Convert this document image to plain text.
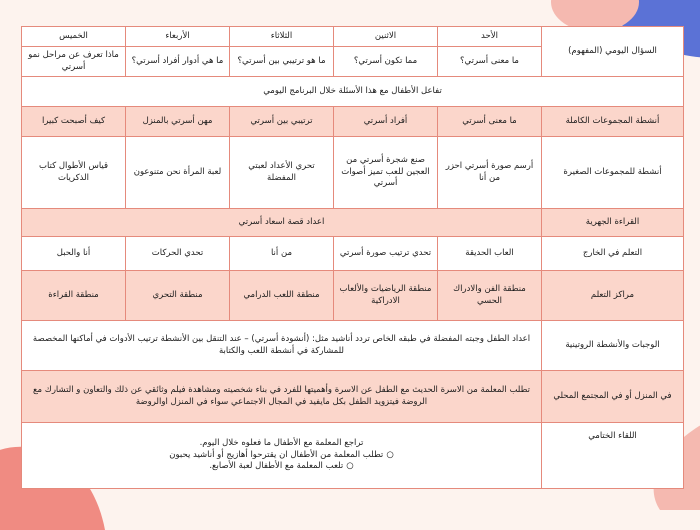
السؤال اليومي (المفهوم)	الأحد	الاثنين	الثلاثاء	الأربعاء	الخميس
	ما معنى أسرتي؟	مما تكون أسرتي؟	ما هو ترتيبي بين أسرتي؟	ما هي أدوار أفراد أسرتي؟	ماذا تعرف عن مراحل نمو أسرتي
تفاعل الأطفال مع هذا الأسئلة خلال البرنامج اليومي					
أنشطة المجموعات الكاملة	ما معنى أسرتي	أفراد أسرتي	ترتيبي بين أسرتي	مهن أسرتي بالمنزل	كيف أصبحت كبيرا
أنشطة للمجموعات الصغيرة	أرسم صورة أسرتي احزر من أنا	صنع شجرة أسرتي من العجين للعب تميز أصوات أسرتي	تحري الأعداد لعبتي المفضلة	لعبة المرأة نحن متنوعون	قياس الأطوال كتاب الذكريات
القراءة الجهرية	اعداد قصة اسعاد أسرتي				
التعلم في الخارج	العاب الحديقة	تحدي ترتيب صورة أسرتي	من أنا	تحدي الحركات	أنا والحبل
مراكز التعلم	منطقة الفن والادراك الحسي	منطقة الرياضيات والألعاب الادراكية	منطقة اللعب الدرامي	منطقة التحري	منطقة القراءة
الوجبات والأنشطة الروتينية	اعداد الطفل وجبته المفضلة في طبقه الخاص تردد أناشيد مثل: (أنشودة أسرتي) – عند التنقل بين الأنشطة ترتيب الأدوات في أماكنها المخصصة للمشاركة في أنشطة اللعب والكتابة				
في المنزل أو في المجتمع المحلي	تطلب المعلمة من الاسرة الحديث مع الطفل عن الاسرة وأهميتها للفرد في بناء شخصيته ومشاهدة فيلم وثائقي عن ذلك والتعاون و التشارك مع الروضة فيتزويد الطفل بكل مايفيد في المجال الاجتماعي سواء في المنزل اوالروضة				
اللقاء الختامي	تراجع المعلمة مع الأطفال ما فعلوه خلال اليوم.
○تطلب المعلمة من الأطفال ان يقترحوا أهازيج أو أناشيد يحبون
○تلعب المعلمة مع الأطفال لعبة الأصابع.				
